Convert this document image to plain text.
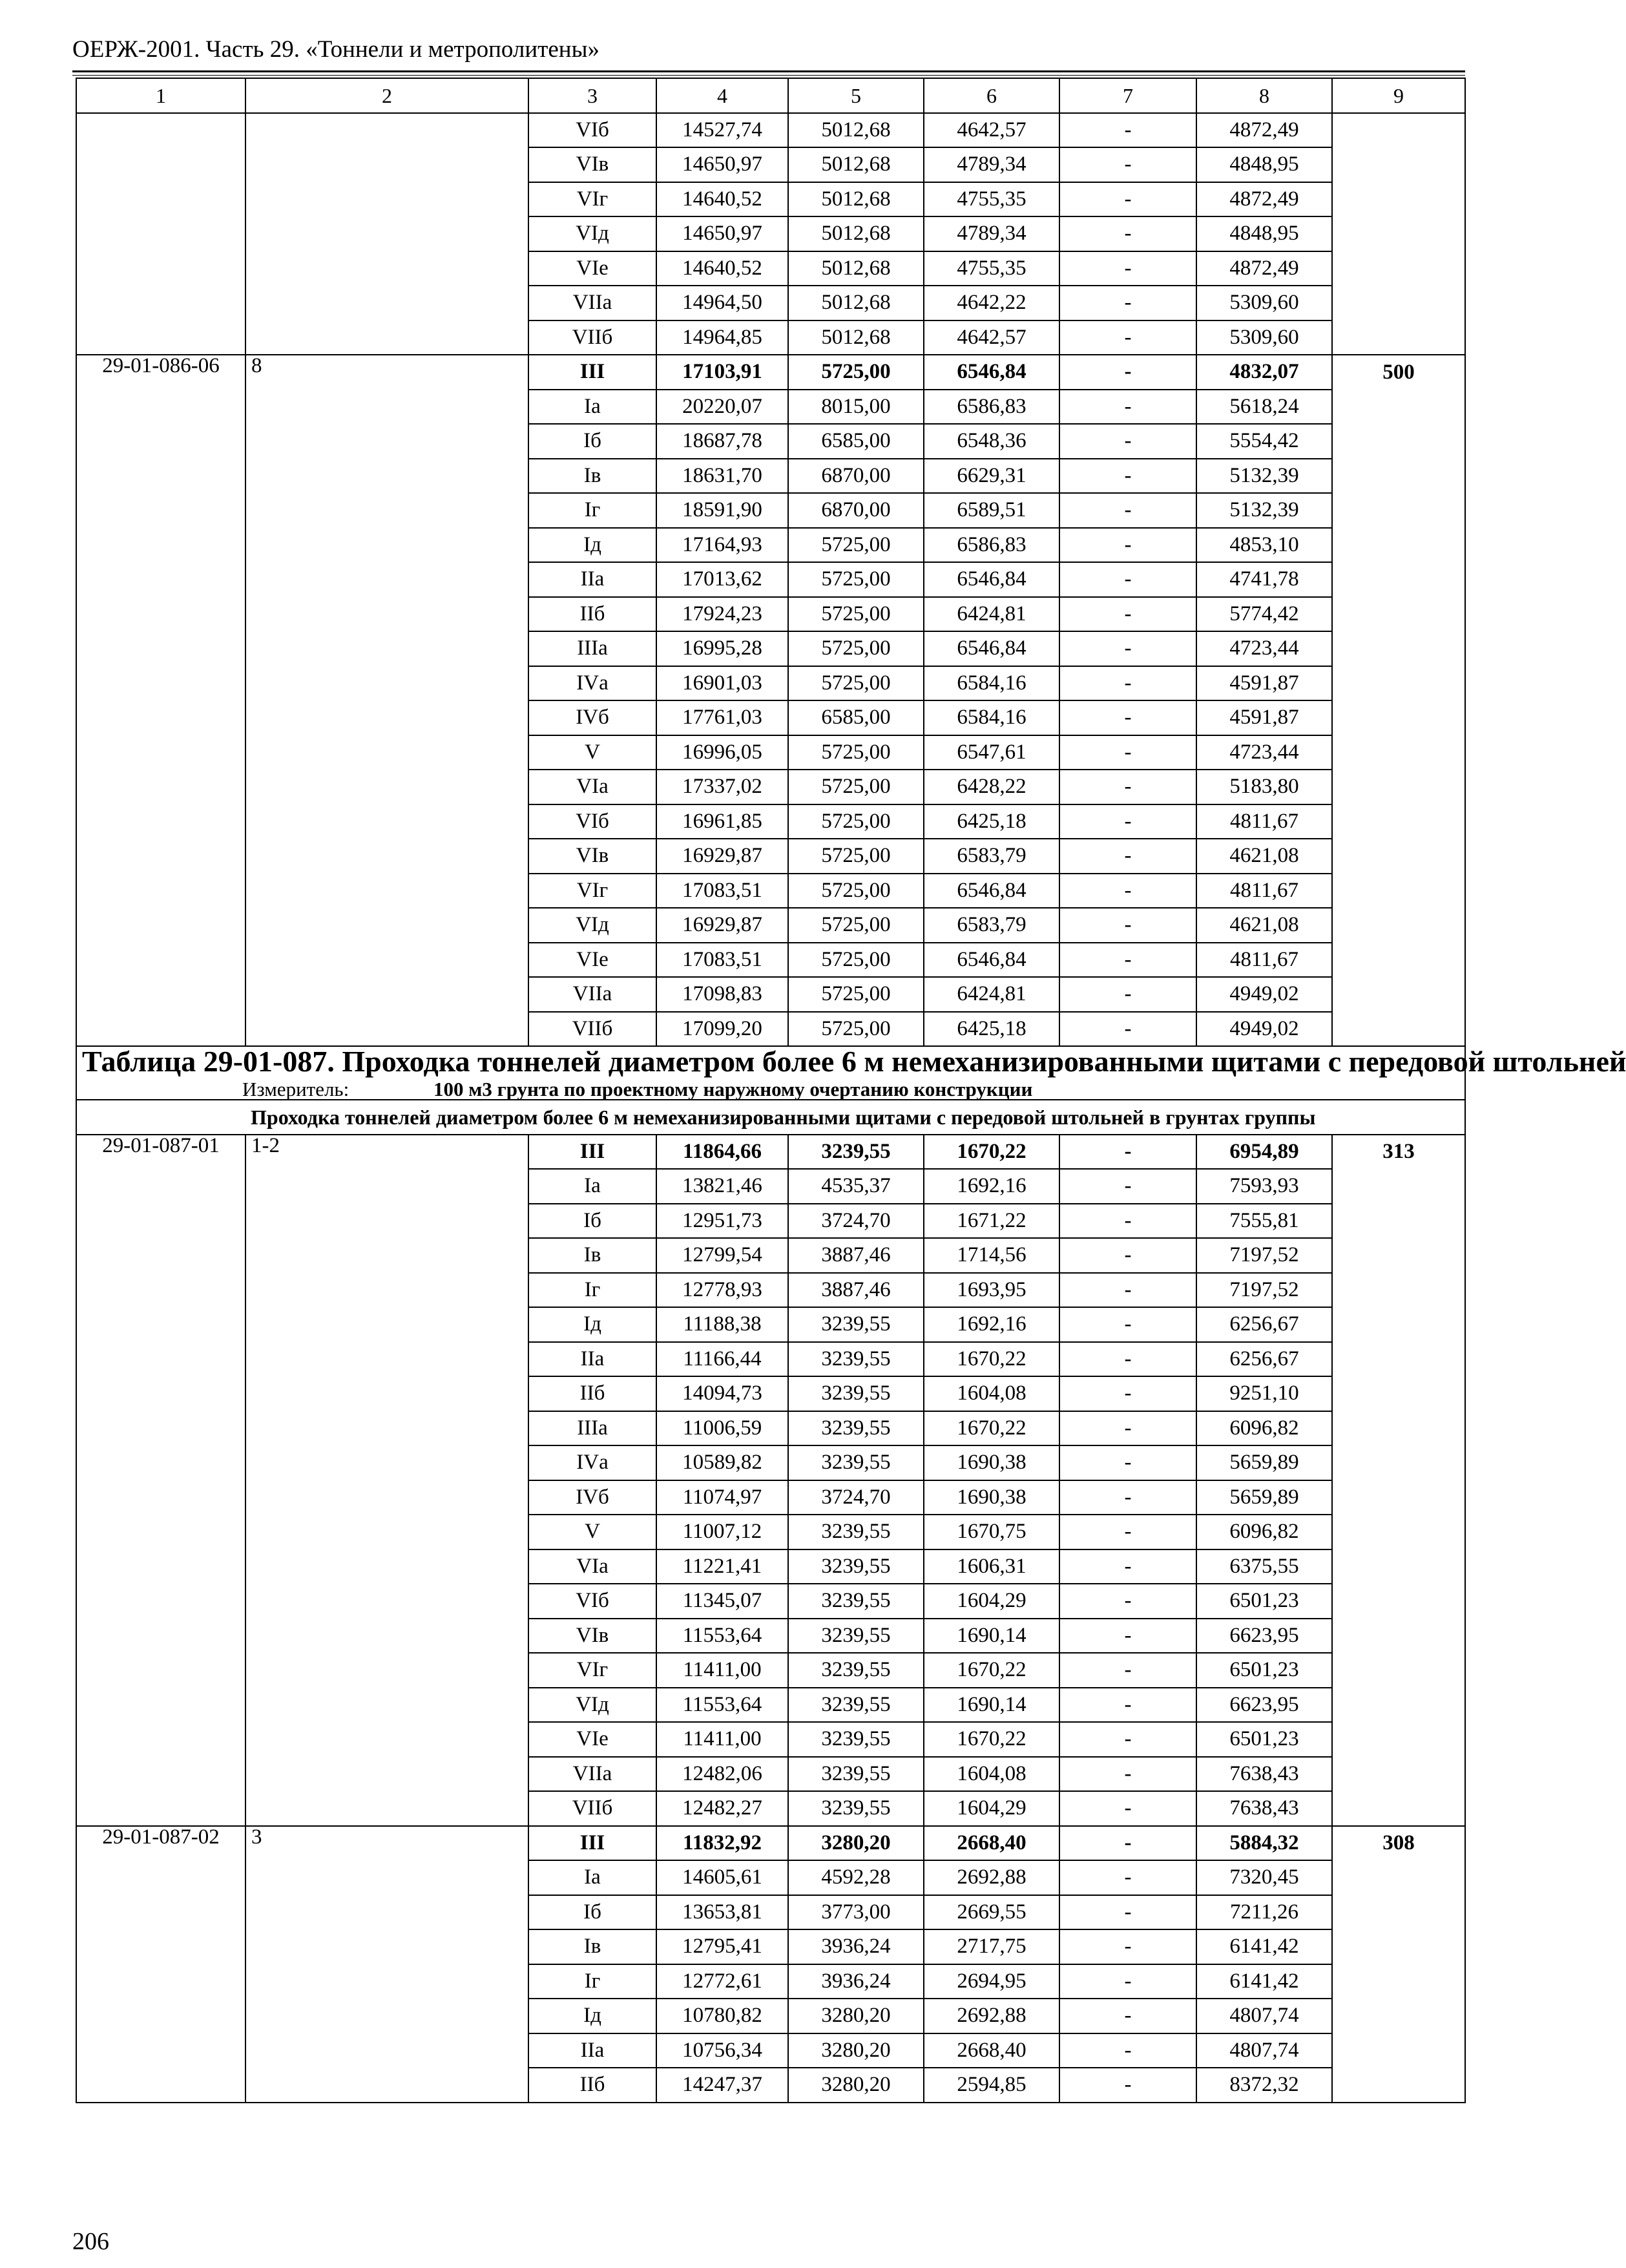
ОЕРЖ-2001. Часть 29. «Тоннели и метрополитены»
1	2	3	4	5	6	7	8	9
		VIб	14527,74	5012,68	4642,57	-	4872,49	
		VIв	14650,97	5012,68	4789,34	-	4848,95	
		VIг	14640,52	5012,68	4755,35	-	4872,49	
		VIд	14650,97	5012,68	4789,34	-	4848,95	
		VIе	14640,52	5012,68	4755,35	-	4872,49	
		VIIа	14964,50	5012,68	4642,22	-	5309,60	
		VIIб	14964,85	5012,68	4642,57	-	5309,60	
29-01-086-06	8	III	17103,91	5725,00	6546,84	-	4832,07	500
		Iа	20220,07	8015,00	6586,83	-	5618,24	
		Iб	18687,78	6585,00	6548,36	-	5554,42	
		Iв	18631,70	6870,00	6629,31	-	5132,39	
		Iг	18591,90	6870,00	6589,51	-	5132,39	
		Iд	17164,93	5725,00	6586,83	-	4853,10	
		IIа	17013,62	5725,00	6546,84	-	4741,78	
		IIб	17924,23	5725,00	6424,81	-	5774,42	
		IIIа	16995,28	5725,00	6546,84	-	4723,44	
		IVа	16901,03	5725,00	6584,16	-	4591,87	
		IVб	17761,03	6585,00	6584,16	-	4591,87	
		V	16996,05	5725,00	6547,61	-	4723,44	
		VIа	17337,02	5725,00	6428,22	-	5183,80	
		VIб	16961,85	5725,00	6425,18	-	4811,67	
		VIв	16929,87	5725,00	6583,79	-	4621,08	
		VIг	17083,51	5725,00	6546,84	-	4811,67	
		VIд	16929,87	5725,00	6583,79	-	4621,08	
		VIе	17083,51	5725,00	6546,84	-	4811,67	
		VIIа	17098,83	5725,00	6424,81	-	4949,02	
		VIIб	17099,20	5725,00	6425,18	-	4949,02	

Таблица 29-01-087. Проходка тоннелей диаметром более 6 м немеханизированными щитами с передовой штольней
Измеритель: 100 м3 грунта по проектному наружному очертанию конструкции								

	Проходка тоннелей диаметром более 6 м немеханизированными щитами с передовой штольней в грунтах группы							
29-01-087-01	1-2	III	11864,66	3239,55	1670,22	-	6954,89	313
		Iа	13821,46	4535,37	1692,16	-	7593,93	
		Iб	12951,73	3724,70	1671,22	-	7555,81	
		Iв	12799,54	3887,46	1714,56	-	7197,52	
		Iг	12778,93	3887,46	1693,95	-	7197,52	
		Iд	11188,38	3239,55	1692,16	-	6256,67	
		IIа	11166,44	3239,55	1670,22	-	6256,67	
		IIб	14094,73	3239,55	1604,08	-	9251,10	
		IIIа	11006,59	3239,55	1670,22	-	6096,82	
		IVа	10589,82	3239,55	1690,38	-	5659,89	
		IVб	11074,97	3724,70	1690,38	-	5659,89	
		V	11007,12	3239,55	1670,75	-	6096,82	
		VIа	11221,41	3239,55	1606,31	-	6375,55	
		VIб	11345,07	3239,55	1604,29	-	6501,23	
		VIв	11553,64	3239,55	1690,14	-	6623,95	
		VIг	11411,00	3239,55	1670,22	-	6501,23	
		VIд	11553,64	3239,55	1690,14	-	6623,95	
		VIе	11411,00	3239,55	1670,22	-	6501,23	
		VIIа	12482,06	3239,55	1604,08	-	7638,43	
		VIIб	12482,27	3239,55	1604,29	-	7638,43	
29-01-087-02	3	III	11832,92	3280,20	2668,40	-	5884,32	308
		Iа	14605,61	4592,28	2692,88	-	7320,45	
		Iб	13653,81	3773,00	2669,55	-	7211,26	
		Iв	12795,41	3936,24	2717,75	-	6141,42	
		Iг	12772,61	3936,24	2694,95	-	6141,42	
		Iд	10780,82	3280,20	2692,88	-	4807,74	
		IIа	10756,34	3280,20	2668,40	-	4807,74	
		IIб	14247,37	3280,20	2594,85	-	8372,32	
206
